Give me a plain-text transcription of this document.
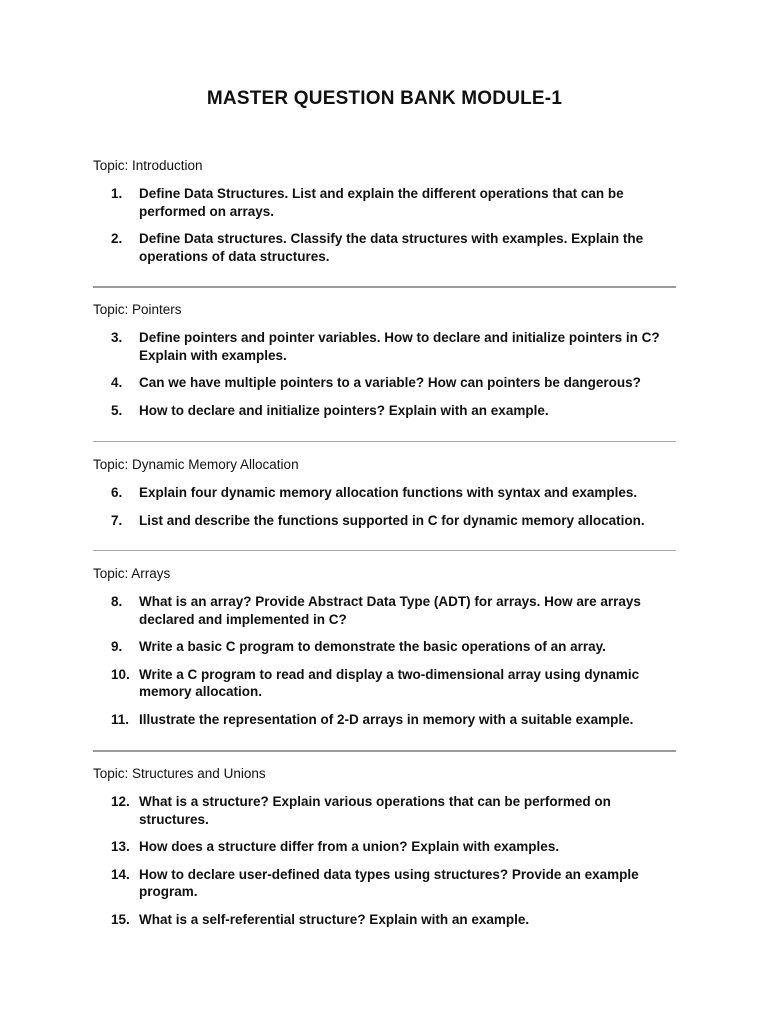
MASTER QUESTION BANK MODULE-1
Topic: Introduction
1.	Define Data Structures. List and explain the different operations that can be performed on arrays.
2.	Define Data structures. Classify the data structures with examples. Explain the operations of data structures.
Topic: Pointers
3.	Define pointers and pointer variables. How to declare and initialize pointers in C? Explain with examples.
4.	Can we have multiple pointers to a variable? How can pointers be dangerous?
5.	How to declare and initialize pointers? Explain with an example.
Topic: Dynamic Memory Allocation
6.	Explain four dynamic memory allocation functions with syntax and examples.
7.	List and describe the functions supported in C for dynamic memory allocation.
Topic: Arrays
8.	What is an array? Provide Abstract Data Type (ADT) for arrays. How are arrays declared and implemented in C?
9.	Write a basic C program to demonstrate the basic operations of an array.
10. Write a C program to read and display a two-dimensional array using dynamic memory allocation.
11. Illustrate the representation of 2-D arrays in memory with a suitable example.
Topic: Structures and Unions
12. What is a structure? Explain various operations that can be performed on structures.
13. How does a structure differ from a union? Explain with examples.
14. How to declare user-defined data types using structures? Provide an example program.
15. What is a self-referential structure? Explain with an example.
